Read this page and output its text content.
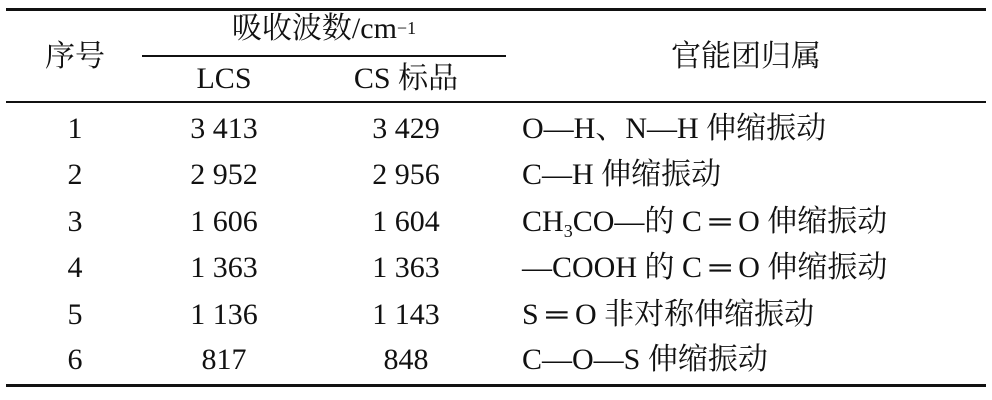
序号
吸收波数$/cm^{-1}$
LCS	CS 标品
官能团归属
1	3 413	3 429	O—H、N—H 伸缩振动
2	2 952	2 956	C—H 伸缩振动
3	1 606	1 604	$CH_3CO—$的 C ═ O 伸缩振动
4	1 363	1 363	—COOH 的 C ═ O 伸缩振动
5	1 136	1 143	S ═ O 非对称伸缩振动
6	817	848	C—O—S 伸缩振动
